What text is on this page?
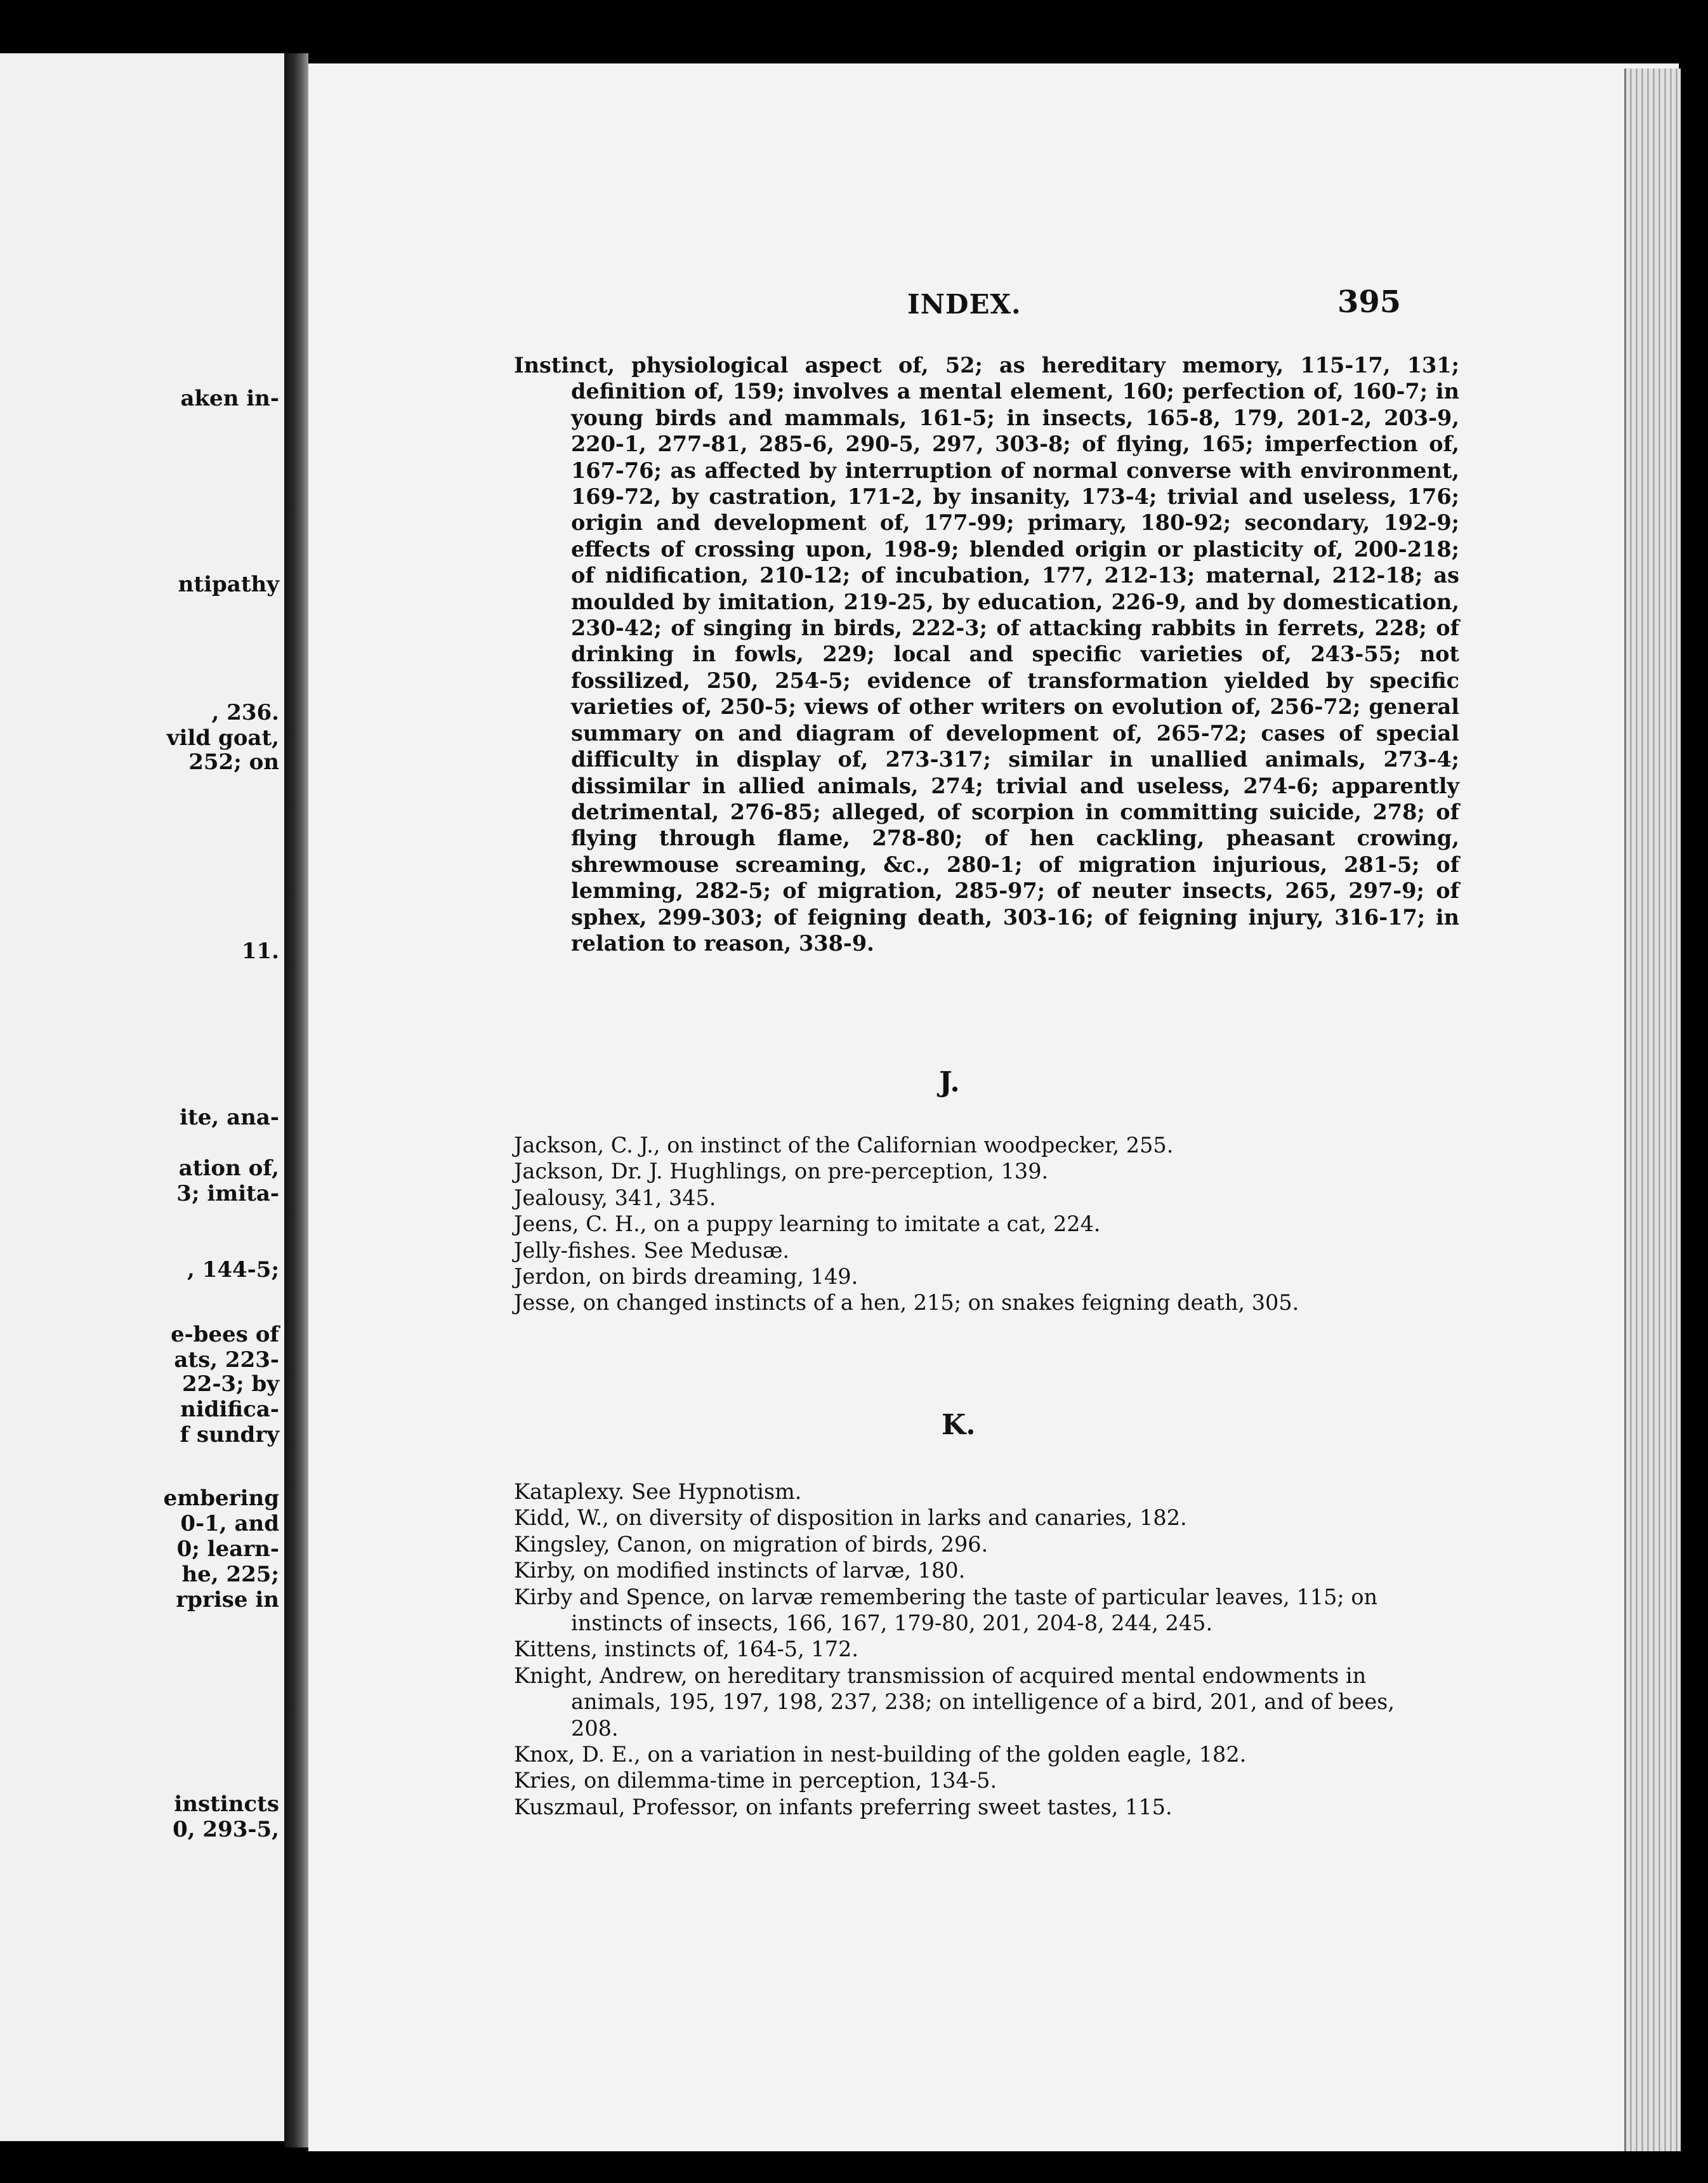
aken in-
ntipathy
, 236.
vild goat,
252; on
11.
ite, ana-
ation of,
3; imita-
, 144-5;
e-bees of
ats, 223-
22-3; by
nidifica-
f sundry
embering
0-1, and
0; learn-
he, 225;
rprise in
instincts
0, 293-5,
INDEX.	395
Instinct, physiological aspect of, 52; as hereditary memory, 115-17, 131; definition of, 159; involves a mental element, 160; perfection of, 160-7; in young birds and mammals, 161-5; in insects, 165-8, 179, 201-2, 203-9, 220-1, 277-81, 285-6, 290-5, 297, 303-8; of flying, 165; imperfection of, 167-76; as affected by interruption of normal converse with environment, 169-72, by castration, 171-2, by insanity, 173-4; trivial and useless, 176; origin and development of, 177-99; primary, 180-92; secondary, 192-9; effects of crossing upon, 198-9; blended origin or plasticity of, 200-218; of nidification, 210-12; of incubation, 177, 212-13; maternal, 212-18; as moulded by imitation, 219-25, by education, 226-9, and by domestication, 230-42; of singing in birds, 222-3; of attacking rabbits in ferrets, 228; of drinking in fowls, 229; local and specific varieties of, 243-55; not fossilized, 250, 254-5; evidence of transformation yielded by specific varieties of, 250-5; views of other writers on evolution of, 256-72; general summary on and diagram of development of, 265-72; cases of special difficulty in display of, 273-317; similar in unallied animals, 273-4; dissimilar in allied animals, 274; trivial and useless, 274-6; apparently detrimental, 276-85; alleged, of scorpion in committing suicide, 278; of flying through flame, 278-80; of hen cackling, pheasant crowing, shrewmouse screaming, &c., 280-1; of migration injurious, 281-5; of lemming, 282-5; of migration, 285-97; of neuter insects, 265, 297-9; of sphex, 299-303; of feigning death, 303-16; of feigning injury, 316-17; in relation to reason, 338-9.
J.
Jackson, C. J., on instinct of the Californian woodpecker, 255.
Jackson, Dr. J. Hughlings, on pre-perception, 139.
Jealousy, 341, 345.
Jeens, C. H., on a puppy learning to imitate a cat, 224.
Jelly-fishes. See Medusæ.
Jerdon, on birds dreaming, 149.
Jesse, on changed instincts of a hen, 215; on snakes feigning death, 305.
K.
Kataplexy. See Hypnotism.
Kidd, W., on diversity of disposition in larks and canaries, 182.
Kingsley, Canon, on migration of birds, 296.
Kirby, on modified instincts of larvæ, 180.
Kirby and Spence, on larvæ remembering the taste of particular leaves, 115; on instincts of insects, 166, 167, 179-80, 201, 204-8, 244, 245.
Kittens, instincts of, 164-5, 172.
Knight, Andrew, on hereditary transmission of acquired mental endowments in animals, 195, 197, 198, 237, 238; on intelligence of a bird, 201, and of bees, 208.
Knox, D. E., on a variation in nest-building of the golden eagle, 182.
Kries, on dilemma-time in perception, 134-5.
Kuszmaul, Professor, on infants preferring sweet tastes, 115.
